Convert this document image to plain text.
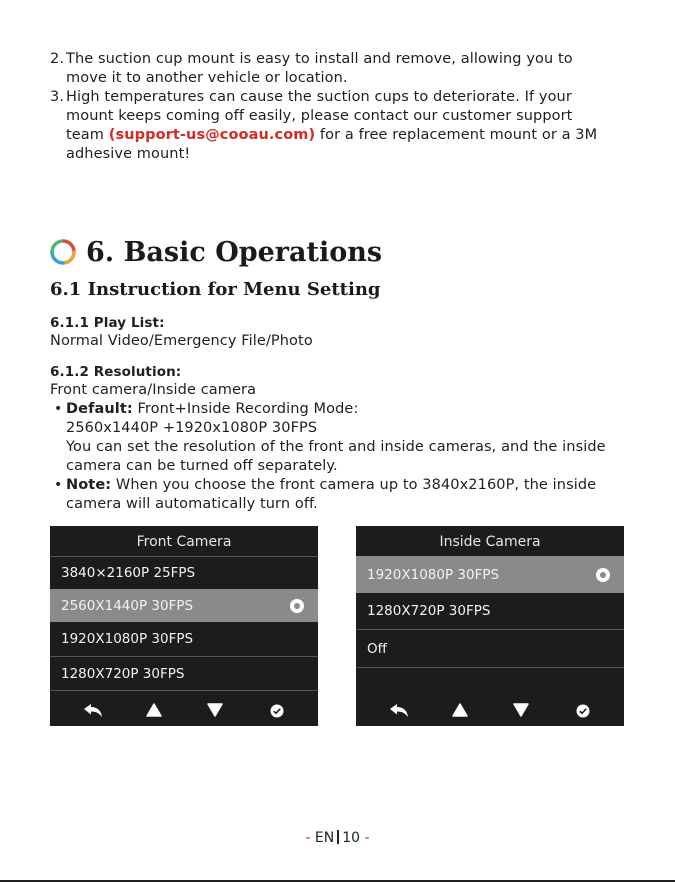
2. The suction cup mount is easy to install and remove, allowing you to
move it to another vehicle or location.
3. High temperatures can cause the suction cups to deteriorate. If your
mount keeps coming off easily, please contact our customer support
team (support-us@cooau.com) for a free replacement mount or a 3M
adhesive mount!
6. Basic Operations
6.1 Instruction for Menu Setting
6.1.1 Play List:
Normal Video/Emergency File/Photo
6.1.2 Resolution:
Front camera/Inside camera
• Default: Front+Inside Recording Mode:
2560x1440P +1920x1080P 30FPS
You can set the resolution of the front and inside cameras, and the inside
camera can be turned off separately.
• Note: When you choose the front camera up to 3840x2160P, the inside
camera will automatically turn off.
Front Camera
3840×2160P 25FPS
2560X1440P 30FPS
1920X1080P 30FPS
1280X720P 30FPS
Inside Camera
1920X1080P 30FPS
1280X720P 30FPS
Off
- EN 10 -
